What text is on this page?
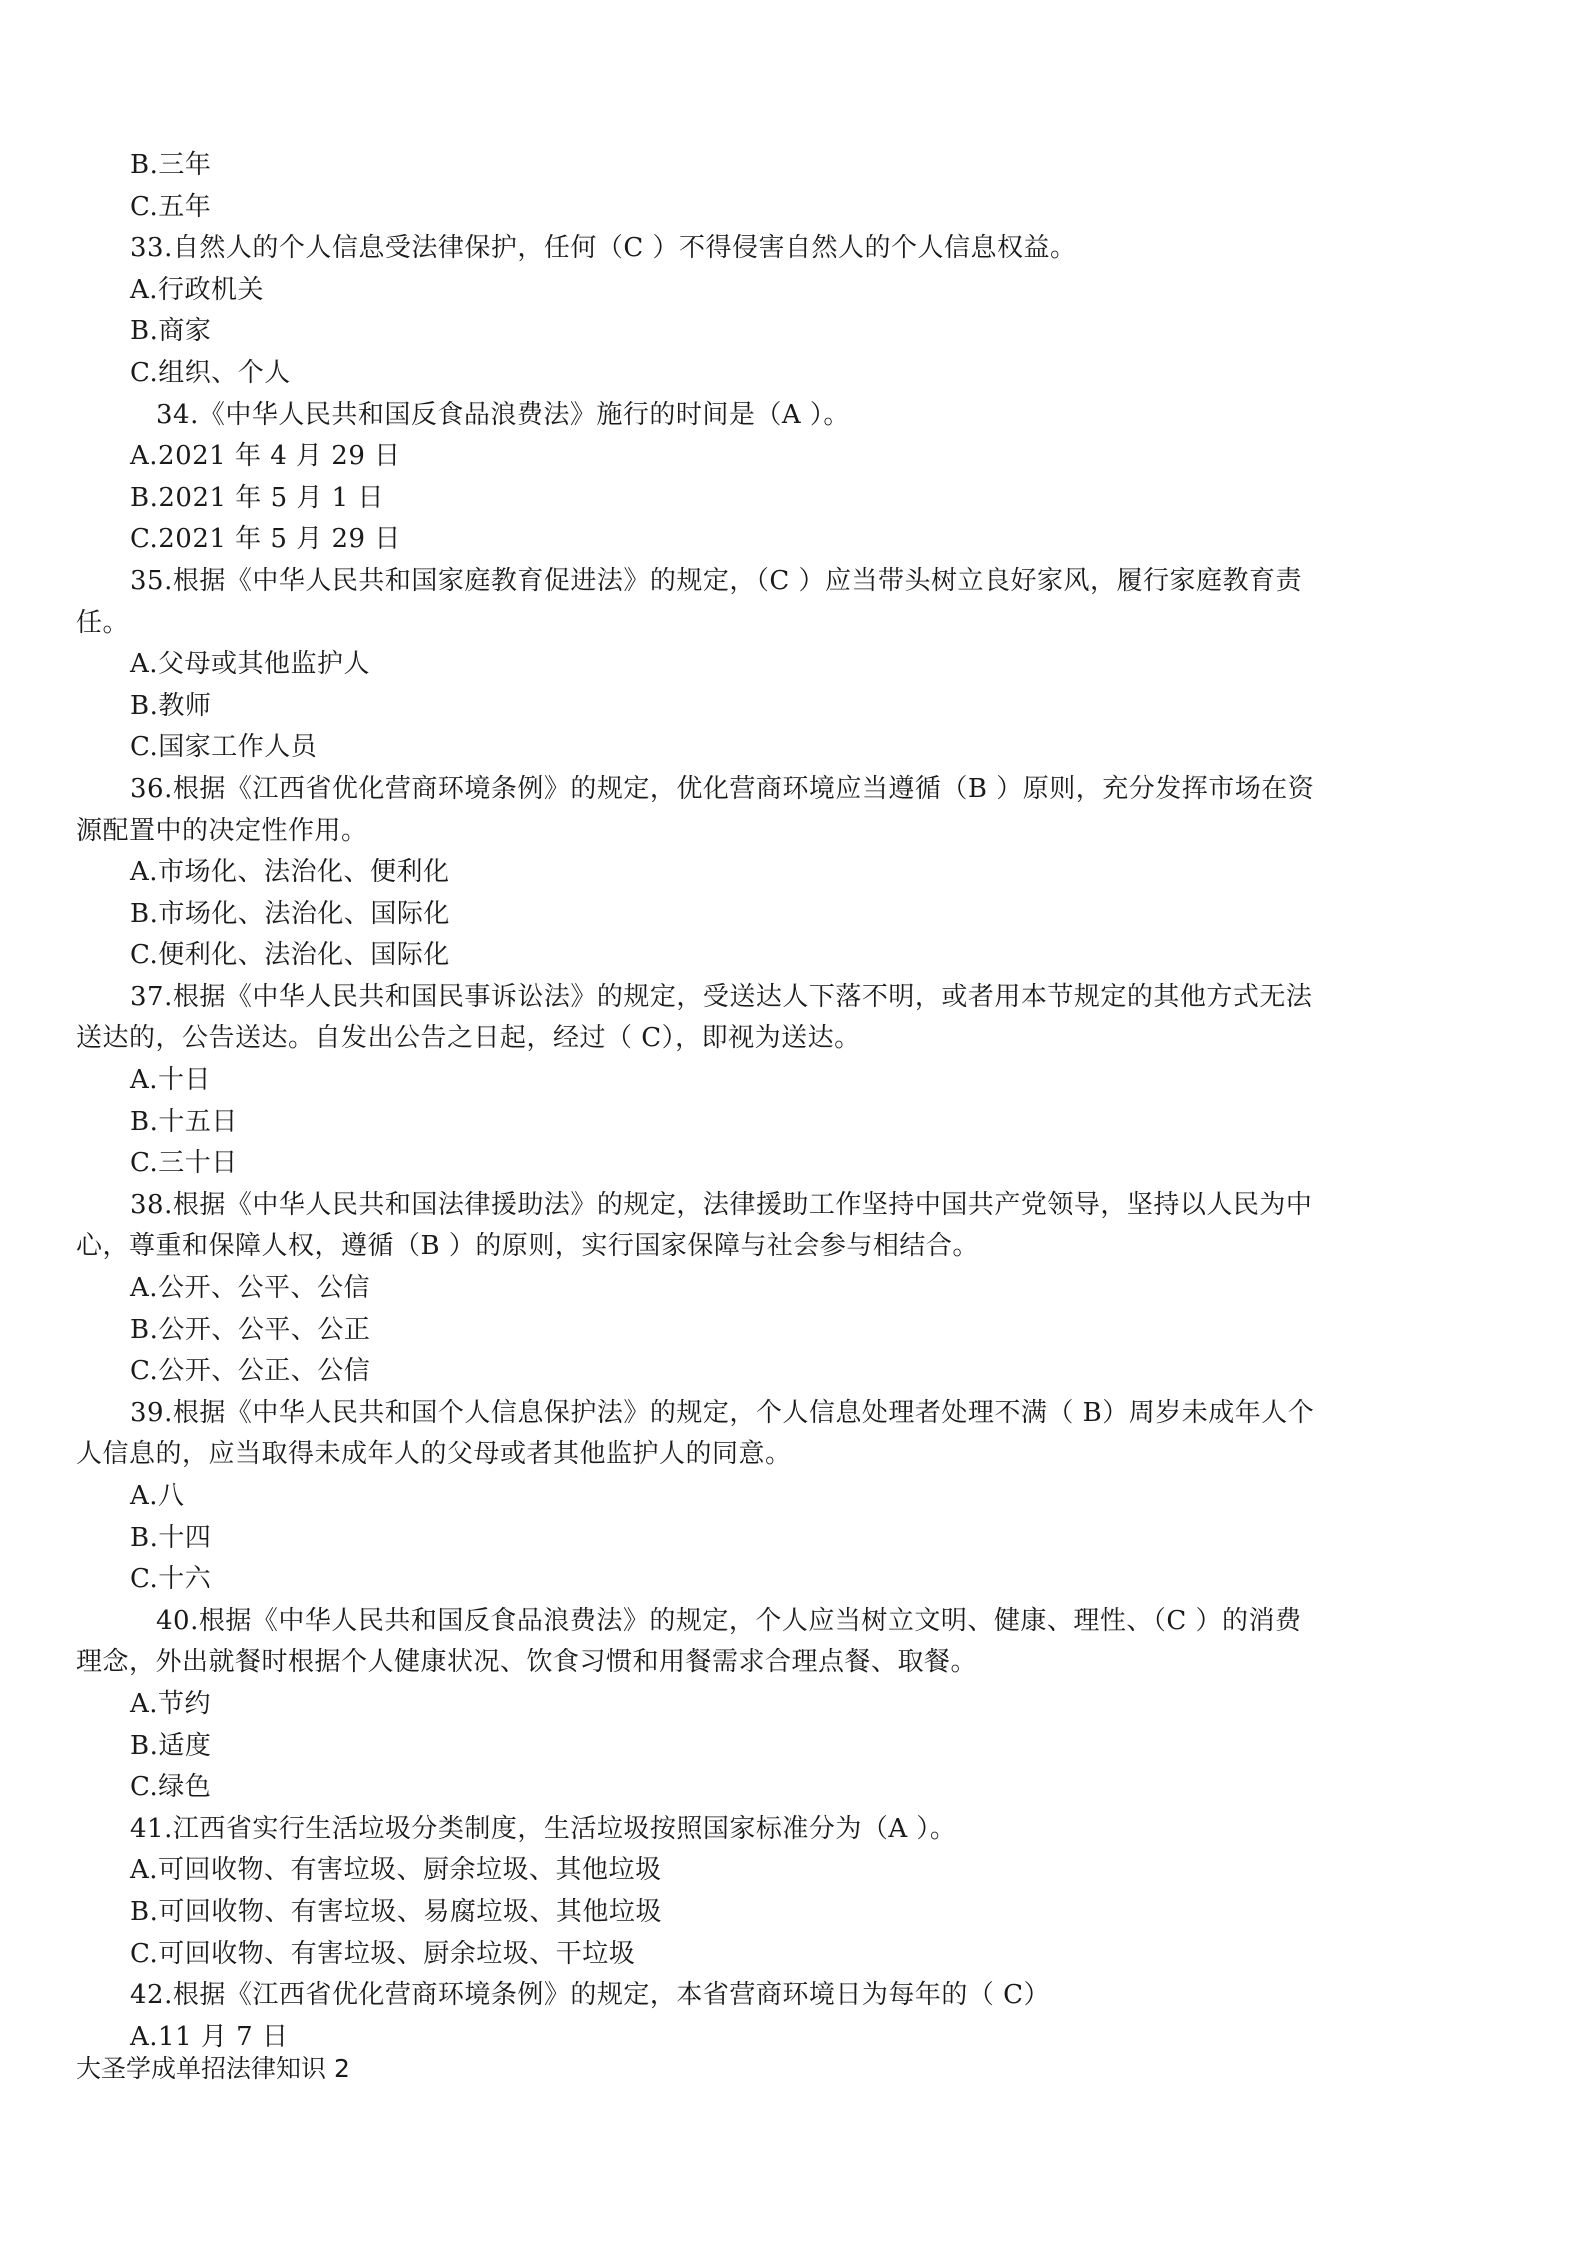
B.三年
C.五年
33.自然人的个人信息受法律保护，任何（C ）不得侵害自然人的个人信息权益。
A.行政机关
B.商家
C.组织、个人
34.《中华人民共和国反食品浪费法》施行的时间是（A ）。
A.2021 年 4 月 29 日
B.2021 年 5 月 1 日
C.2021 年 5 月 29 日
35.根据《中华人民共和国家庭教育促进法》的规定，（C ）应当带头树立良好家风，履行家庭教育责
任。
A.父母或其他监护人
B.教师
C.国家工作人员
36.根据《江西省优化营商环境条例》的规定，优化营商环境应当遵循（B ）原则，充分发挥市场在资
源配置中的决定性作用。
A.市场化、法治化、便利化
B.市场化、法治化、国际化
C.便利化、法治化、国际化
37.根据《中华人民共和国民事诉讼法》的规定，受送达人下落不明，或者用本节规定的其他方式无法
送达的，公告送达。自发出公告之日起，经过（ C），即视为送达。
A.十日
B.十五日
C.三十日
38.根据《中华人民共和国法律援助法》的规定，法律援助工作坚持中国共产党领导，坚持以人民为中
心，尊重和保障人权，遵循（B ）的原则，实行国家保障与社会参与相结合。
A.公开、公平、公信
B.公开、公平、公正
C.公开、公正、公信
39.根据《中华人民共和国个人信息保护法》的规定，个人信息处理者处理不满（ B）周岁未成年人个
人信息的，应当取得未成年人的父母或者其他监护人的同意。
A.八
B.十四
C.十六
40.根据《中华人民共和国反食品浪费法》的规定，个人应当树立文明、健康、理性、（C ）的消费
理念，外出就餐时根据个人健康状况、饮食习惯和用餐需求合理点餐、取餐。
A.节约
B.适度
C.绿色
41.江西省实行生活垃圾分类制度，生活垃圾按照国家标准分为（A ）。
A.可回收物、有害垃圾、厨余垃圾、其他垃圾
B.可回收物、有害垃圾、易腐垃圾、其他垃圾
C.可回收物、有害垃圾、厨余垃圾、干垃圾
42.根据《江西省优化营商环境条例》的规定，本省营商环境日为每年的（ C）
A.11 月 7 日
大圣学成单招法律知识 2
